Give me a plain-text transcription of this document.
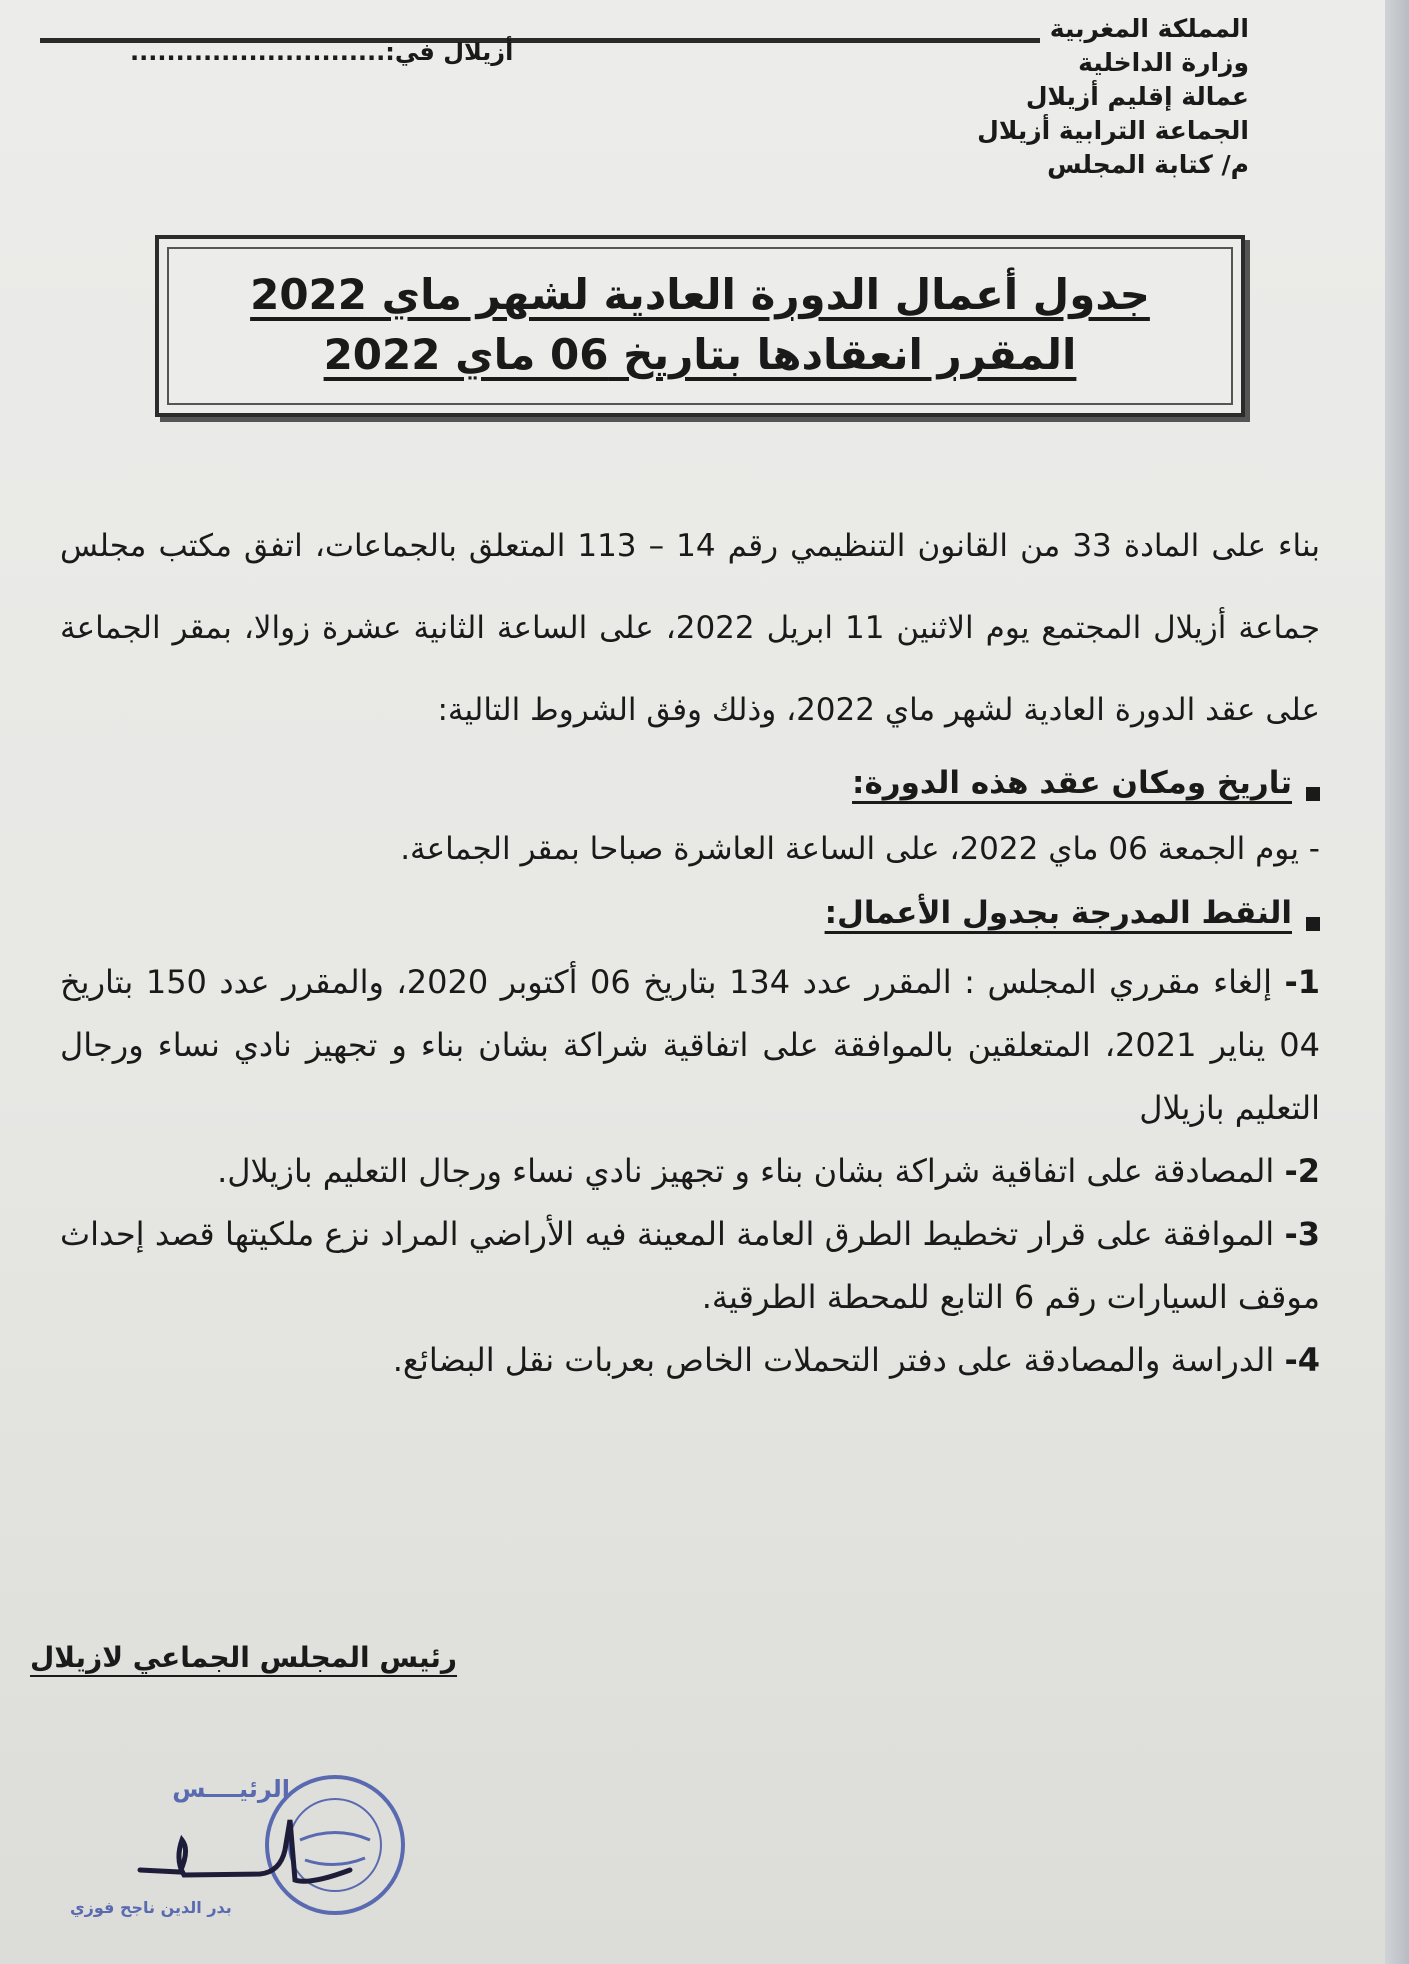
أزيلال في:............................
المملكة المغربية
وزارة الداخلية
عمالة إقليم أزيلال
الجماعة الترابية أزيلال
م/ كتابة المجلس
جدول أعمال الدورة العادية لشهر ماي 2022
المقرر انعقادها بتاريخ 06 ماي 2022

بناء على المادة 33 من القانون التنظيمي رقم 14 – 113 المتعلق بالجماعات، اتفق مكتب مجلس جماعة أزيلال المجتمع يوم الاثنين 11 ابريل 2022، على الساعة الثانية عشرة زوالا، بمقر الجماعة على عقد الدورة العادية لشهر ماي 2022، وذلك وفق الشروط التالية:

تاريخ ومكان عقد هذه الدورة:

- يوم الجمعة 06 ماي 2022، على الساعة العاشرة صباحا بمقر الجماعة.

النقط المدرجة بجدول الأعمال:

1- إلغاء مقرري المجلس : المقرر عدد 134 بتاريخ 06 أكتوبر 2020، والمقرر عدد 150 بتاريخ 04 يناير 2021، المتعلقين بالموافقة على اتفاقية شراكة بشان بناء و تجهيز نادي نساء ورجال التعليم بازيلال

2- المصادقة على اتفاقية شراكة بشان بناء و تجهيز نادي نساء ورجال التعليم بازيلال.

3- الموافقة على قرار تخطيط الطرق العامة المعينة فيه الأراضي المراد نزع ملكيتها قصد إحداث موقف السيارات رقم 6 التابع للمحطة الطرقية.

4- الدراسة والمصادقة على دفتر التحملات الخاص بعربات نقل البضائع.

رئيس المجلس الجماعي لازيلال
الرئيــــس
بدر الدين ناجح فوزي
